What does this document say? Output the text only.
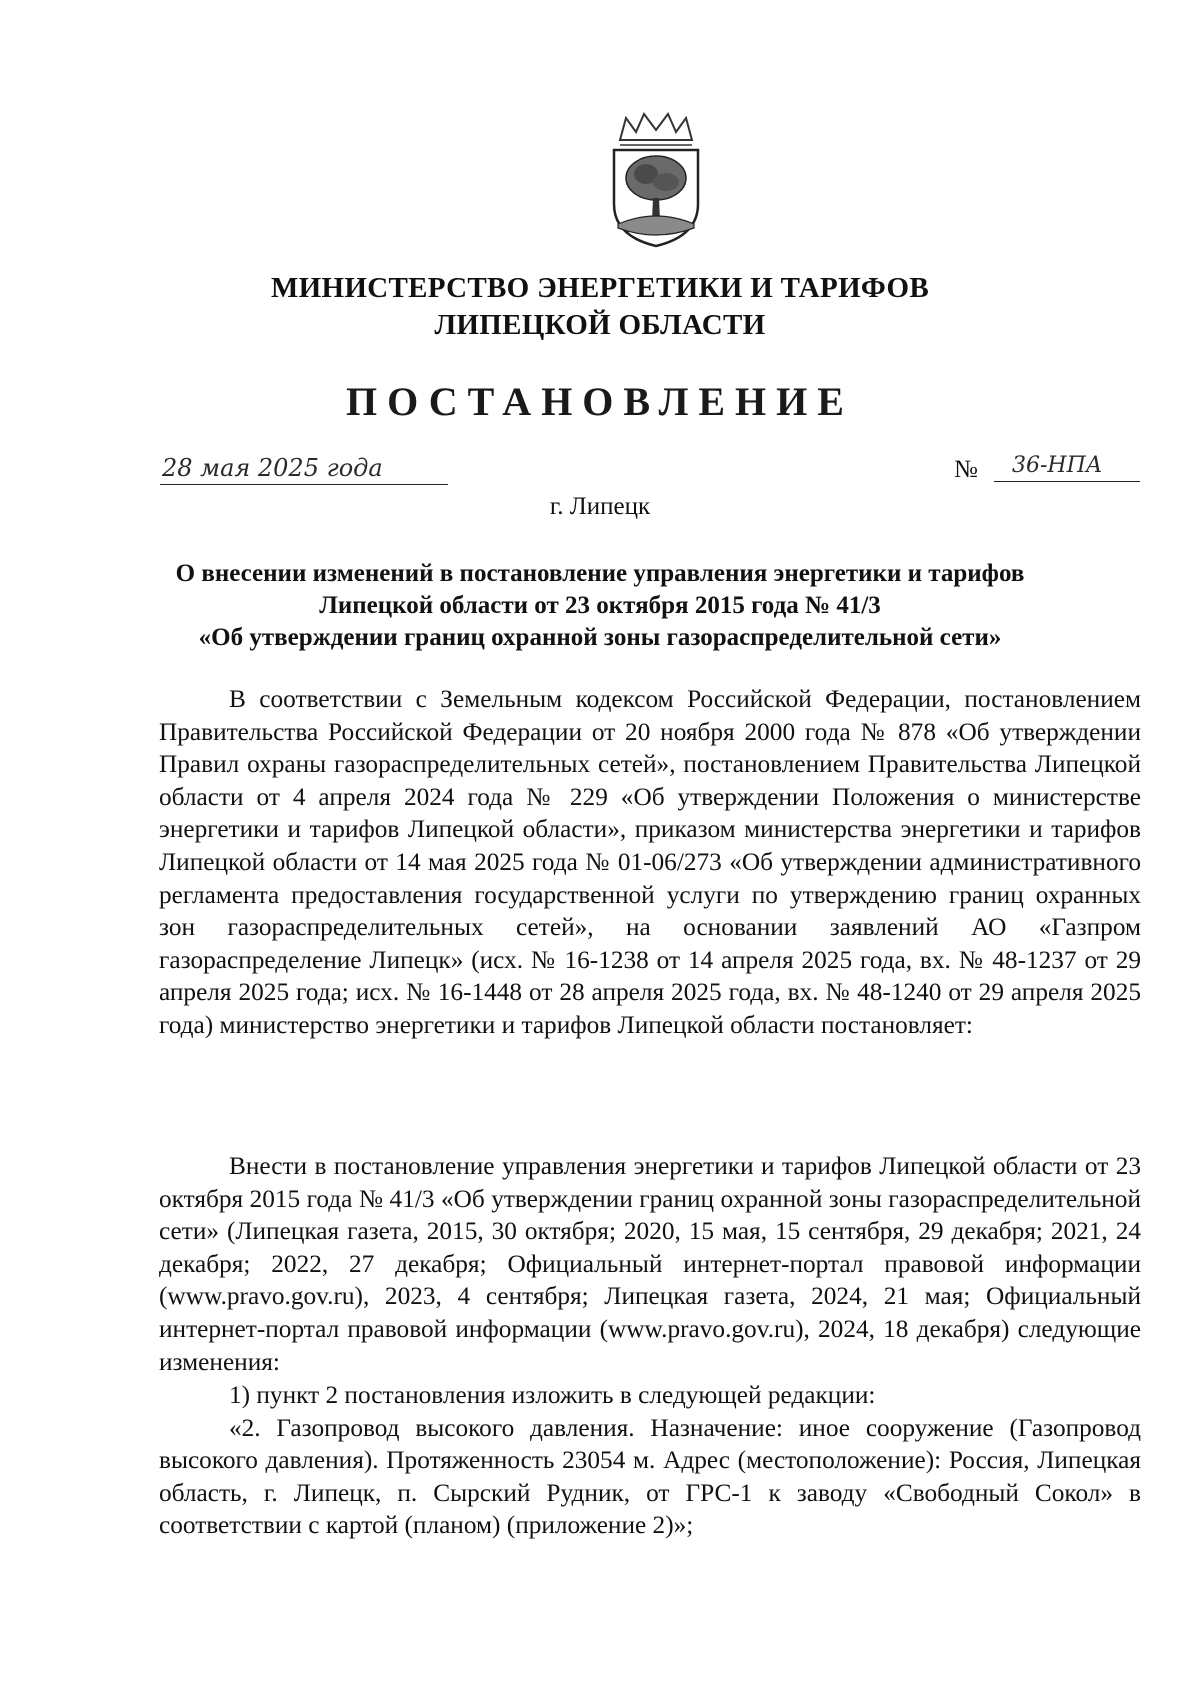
МИНИСТЕРСТВО ЭНЕРГЕТИКИ И ТАРИФОВ
ЛИПЕЦКОЙ ОБЛАСТИ
ПОСТАНОВЛЕНИЕ
28 мая 2025 года	№	36-НПА
г. Липецк
О внесении изменений в постановление управления энергетики и тарифов
Липецкой области от 23 октября 2015 года № 41/3
«Об утверждении границ охранной зоны газораспределительной сети»

В соответствии с Земельным кодексом Российской Федерации, постановлением Правительства Российской Федерации от 20 ноября 2000 года № 878 «Об утверждении Правил охраны газораспределительных сетей», постановлением Правительства Липецкой области от 4 апреля 2024 года № 229 «Об утверждении Положения о министерстве энергетики и тарифов Липецкой области», приказом министерства энергетики и тарифов Липецкой области от 14 мая 2025 года № 01-06/273 «Об утверждении административного регламента предоставления государственной услуги по утверждению границ охранных зон газораспределительных сетей», на основании заявлений АО «Газпром газораспределение Липецк» (исх. № 16-1238 от 14 апреля 2025 года, вх. № 48-1237 от 29 апреля 2025 года; исх. № 16-1448 от 28 апреля 2025 года, вх. № 48-1240 от 29 апреля 2025 года) министерство энергетики и тарифов Липецкой области постановляет:

Внести в постановление управления энергетики и тарифов Липецкой области от 23 октября 2015 года № 41/3 «Об утверждении границ охранной зоны газораспределительной сети» (Липецкая газета, 2015, 30 октября; 2020, 15 мая, 15 сентября, 29 декабря; 2021, 24 декабря; 2022, 27 декабря; Официальный интернет-портал правовой информации (www.pravo.gov.ru), 2023, 4 сентября; Липецкая газета, 2024, 21 мая; Официальный интернет-портал правовой информации (www.pravo.gov.ru), 2024, 18 декабря) следующие изменения:

1) пункт 2 постановления изложить в следующей редакции:

«2. Газопровод высокого давления. Назначение: иное сооружение (Газопровод высокого давления). Протяженность 23054 м. Адрес (местоположение): Россия, Липецкая область, г. Липецк, п. Сырский Рудник, от ГРС-1 к заводу «Свободный Сокол» в соответствии с картой (планом) (приложение 2)»;
